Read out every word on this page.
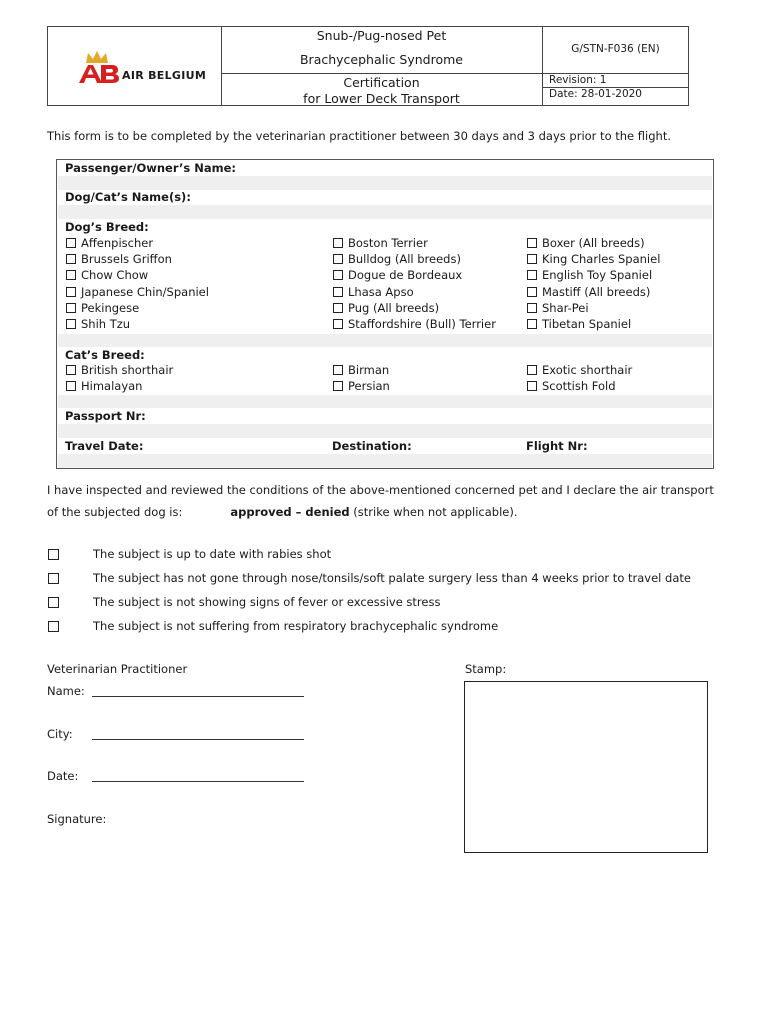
AIR BELGIUM
Snub-/Pug-nosed Pet
Brachycephalic Syndrome
Certification
for Lower Deck Transport
G/STN-F036 (EN)
Revision: 1
Date: 28-01-2020
This form is to be completed by the veterinarian practitioner between 30 days and 3 days prior to the flight.
Passenger/Owner’s Name:
Dog/Cat’s Name(s):
Dog’s Breed:
Affenpischer	Boston Terrier	Boxer (All breeds)
Brussels Griffon	Bulldog (All breeds)	King Charles Spaniel
Chow Chow	Dogue de Bordeaux	English Toy Spaniel
Japanese Chin/Spaniel	Lhasa Apso	Mastiff (All breeds)
Pekingese	Pug (All breeds)	Shar-Pei
Shih Tzu	Staffordshire (Bull) Terrier	Tibetan Spaniel
Cat’s Breed:
British shorthair	Birman	Exotic shorthair
Himalayan	Persian	Scottish Fold
Passport Nr:
Travel Date:	Destination:	Flight Nr:
I have inspected and reviewed the conditions of the above-mentioned concerned pet and I declare the air transport
of the subjected dog is:	approved – denied (strike when not applicable).
The subject is up to date with rabies shot
The subject has not gone through nose/tonsils/soft palate surgery less than 4 weeks prior to travel date
The subject is not showing signs of fever or excessive stress
The subject is not suffering from respiratory brachycephalic syndrome
Veterinarian Practitioner
Name:
City:
Date:
Signature:
Stamp:
